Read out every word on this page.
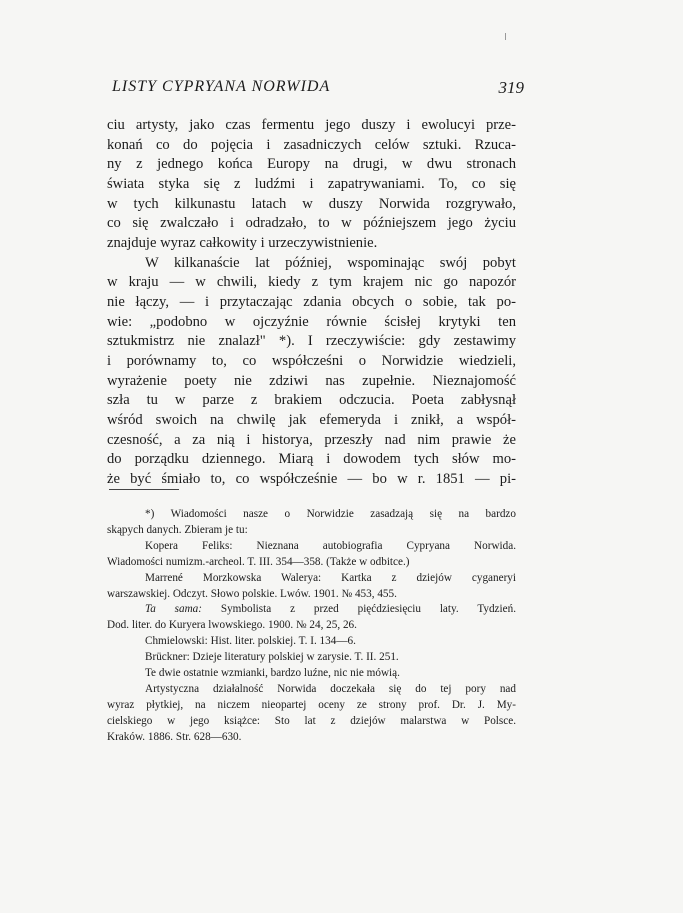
LISTY CYPRYANA NORWIDA	319
ciu artysty, jako czas fermentu jego duszy i ewolucyi prze-
konań co do pojęcia i zasadniczych celów sztuki. Rzuca-
ny z jednego końca Europy na drugi, w dwu stronach
świata styka się z ludźmi i zapatrywaniami. To, co się
w tych kilkunastu latach w duszy Norwida rozgrywało,
co się zwalczało i odradzało, to w późniejszem jego życiu
znajduje wyraz całkowity i urzeczywistnienie.
W kilkanaście lat później, wspominając swój pobyt
w kraju — w chwili, kiedy z tym krajem nic go napozór
nie łączy, — i przytaczając zdania obcych o sobie, tak po-
wie: „podobno w ojczyźnie równie ścisłej krytyki ten
sztukmistrz nie znalazł" *). I rzeczywiście: gdy zestawimy
i porównamy to, co współcześni o Norwidzie wiedzieli,
wyrażenie poety nie zdziwi nas zupełnie. Nieznajomość
szła tu w parze z brakiem odczucia. Poeta zabłysnął
wśród swoich na chwilę jak efemeryda i znikł, a współ-
czesność, a za nią i historya, przeszły nad nim prawie że
do porządku dziennego. Miarą i dowodem tych słów mo-
że być śmiało to, co współcześnie — bo w r. 1851 — pi-
*) Wiadomości nasze o Norwidzie zasadzają się na bardzo
skąpych danych. Zbieram je tu:
Kopera Feliks: Nieznana autobiografia Cypryana Norwida.
Wiadomości numizm.-archeol. T. III. 354—358. (Także w odbitce.)
Marrené Morzkowska Walerya: Kartka z dziejów cyganeryi
warszawskiej. Odczyt. Słowo polskie. Lwów. 1901. № 453, 455.
Ta sama: Symbolista z przed pięćdziesięciu laty. Tydzień.
Dod. liter. do Kuryera lwowskiego. 1900. № 24, 25, 26.
Chmielowski: Hist. liter. polskiej. T. I. 134—6.
Brückner: Dzieje literatury polskiej w zarysie. T. II. 251.
Te dwie ostatnie wzmianki, bardzo luźne, nic nie mówią.
Artystyczna działalność Norwida doczekała się do tej pory nad
wyraz płytkiej, na niczem nieopartej oceny ze strony prof. Dr. J. My-
cielskiego w jego książce: Sto lat z dziejów malarstwa w Polsce.
Kraków. 1886. Str. 628—630.
